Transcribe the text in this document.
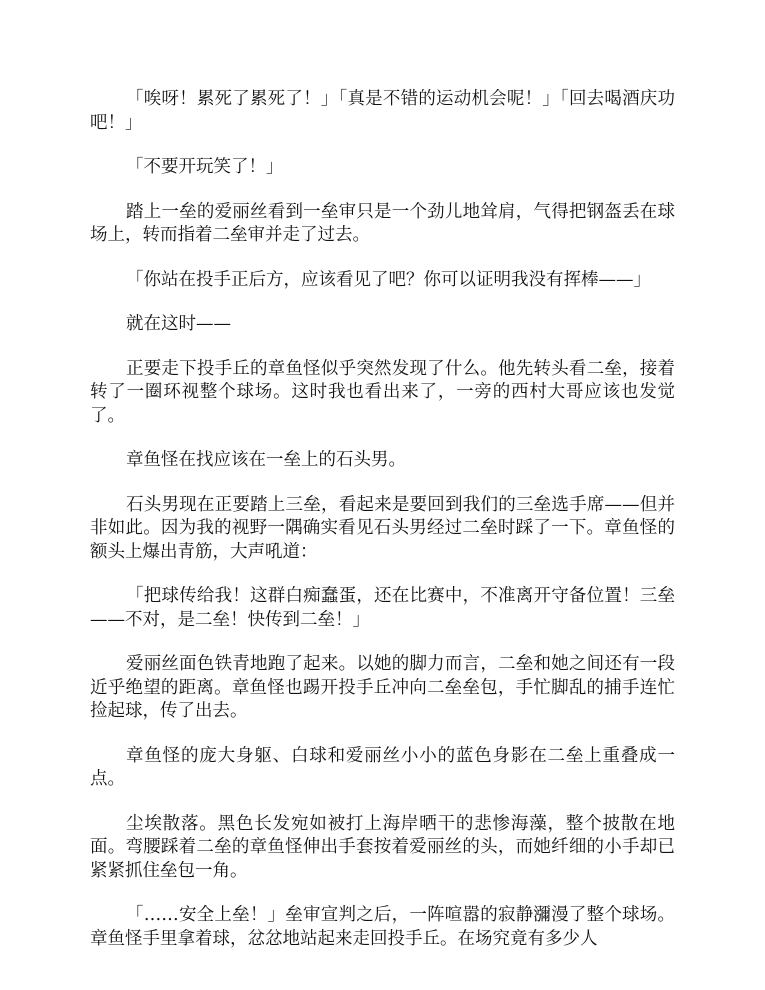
「唉呀！累死了累死了！」「真是不错的运动机会呢！」「回去喝酒庆功吧！」

「不要开玩笑了！」

踏上一垒的爱丽丝看到一垒审只是一个劲儿地耸肩，气得把钢盔丢在球场上，转而指着二垒审并走了过去。

「你站在投手正后方，应该看见了吧？你可以证明我没有挥棒——」

就在这时——

正要走下投手丘的章鱼怪似乎突然发现了什么。他先转头看二垒，接着转了一圈环视整个球场。这时我也看出来了，一旁的西村大哥应该也发觉了。

章鱼怪在找应该在一垒上的石头男。

石头男现在正要踏上三垒，看起来是要回到我们的三垒选手席——但并非如此。因为我的视野一隅确实看见石头男经过二垒时踩了一下。章鱼怪的额头上爆出青筋，大声吼道：

「把球传给我！这群白痴蠢蛋，还在比赛中，不准离开守备位置！三垒——不对，是二垒！快传到二垒！」

爱丽丝面色铁青地跑了起来。以她的脚力而言，二垒和她之间还有一段近乎绝望的距离。章鱼怪也踢开投手丘冲向二垒垒包，手忙脚乱的捕手连忙捡起球，传了出去。

章鱼怪的庞大身躯、白球和爱丽丝小小的蓝色身影在二垒上重叠成一点。

尘埃散落。黑色长发宛如被打上海岸晒干的悲惨海藻，整个披散在地面。弯腰踩着二垒的章鱼怪伸出手套按着爱丽丝的头，而她纤细的小手却已紧紧抓住垒包一角。

「……安全上垒！」垒审宣判之后，一阵喧嚣的寂静瀰漫了整个球场。章鱼怪手里拿着球，忿忿地站起来走回投手丘。在场究竟有多少人
